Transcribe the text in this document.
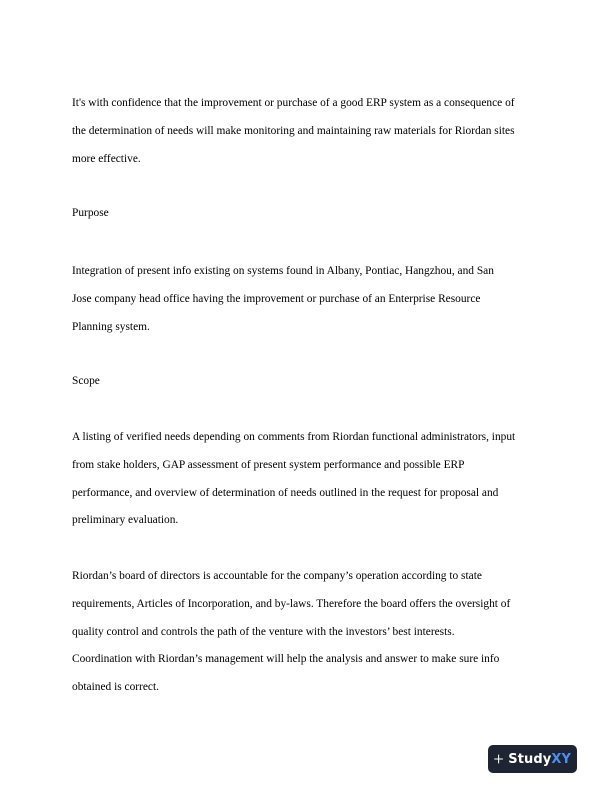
It's with confidence that the improvement or purchase of a good ERP system as a consequence of
the determination of needs will make monitoring and maintaining raw materials for Riordan sites
more effective.

Purpose

Integration of present info existing on systems found in Albany, Pontiac, Hangzhou, and San
Jose company head office having the improvement or purchase of an Enterprise Resource
Planning system.

Scope

A listing of verified needs depending on comments from Riordan functional administrators, input
from stake holders, GAP assessment of present system performance and possible ERP
performance, and overview of determination of needs outlined in the request for proposal and
preliminary evaluation.

Riordan’s board of directors is accountable for the company’s operation according to state
requirements, Articles of Incorporation, and by-laws. Therefore the board offers the oversight of
quality control and controls the path of the venture with the investors’ best interests.
Coordination with Riordan’s management will help the analysis and answer to make sure info
obtained is correct.

StudyXY
